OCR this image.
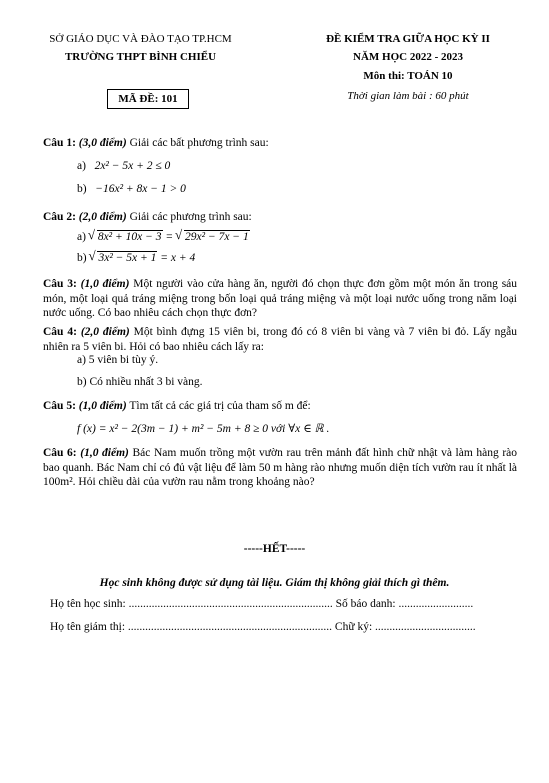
SỞ GIÁO DỤC VÀ ĐÀO TẠO TP.HCM
TRƯỜNG THPT BÌNH CHIỂU
MÃ ĐỀ: 101
ĐỀ KIỂM TRA GIỮA HỌC KỲ II
NĂM HỌC 2022 - 2023
Môn thi: TOÁN 10
Thời gian làm bài : 60 phút
Câu 1: (3,0 điểm) Giải các bất phương trình sau:
a) 2x² − 5x + 2 ≤ 0
b) −16x² + 8x − 1 > 0
Câu 2: (2,0 điểm) Giải các phương trình sau:
a) √ 8x² + 10x − 3 = √ 29x² − 7x − 1
b) √ 3x² − 5x + 1 = x + 4
Câu 3: (1,0 điểm) Một người vào cửa hàng ăn, người đó chọn thực đơn gồm một món ăn trong sáu món, một loại quả tráng miệng trong bốn loại quả tráng miệng và một loại nước uống trong năm loại nước uống. Có bao nhiêu cách chọn thực đơn?
Câu 4: (2,0 điểm) Một bình đựng 15 viên bi, trong đó có 8 viên bi vàng và 7 viên bi đỏ. Lấy ngẫu nhiên ra 5 viên bi. Hỏi có bao nhiêu cách lấy ra:
a) 5 viên bi tùy ý.
b) Có nhiều nhất 3 bi vàng.
Câu 5: (1,0 điểm) Tìm tất cả các giá trị của tham số m để:
f (x) = x² − 2(3m − 1) + m² − 5m + 8 ≥ 0 với ∀x ∈ ℝ .
Câu 6: (1,0 điểm) Bác Nam muốn trồng một vườn rau trên mảnh đất hình chữ nhật và làm hàng rào bao quanh. Bác Nam chỉ có đủ vật liệu để làm 50 m hàng rào nhưng muốn diện tích vườn rau ít nhất là 100m². Hỏi chiều dài của vườn rau nằm trong khoảng nào?
-----HẾT-----
Học sinh không được sử dụng tài liệu. Giám thị không giải thích gì thêm.
Họ tên học sinh: ....................................................................... Số báo danh: ..........................
Họ tên giám thị: ....................................................................... Chữ ký: ...................................
